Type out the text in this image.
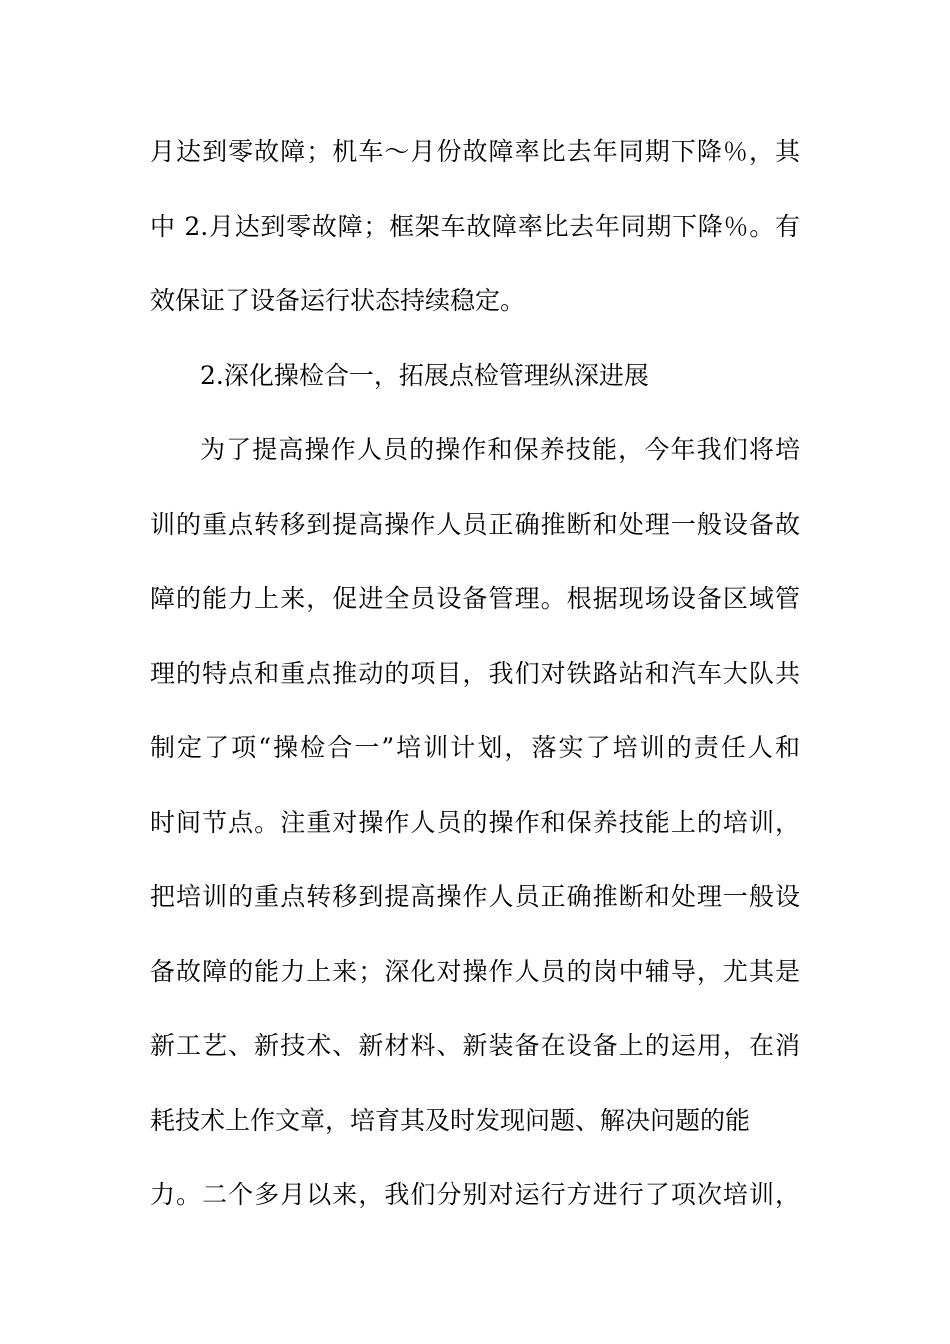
月达到零故障；机车～月份故障率比去年同期下降％，其
中 2.月达到零故障；框架车故障率比去年同期下降％。有
效保证了设备运行状态持续稳定。
2.深化操检合一，拓展点检管理纵深进展
为了提高操作人员的操作和保养技能，今年我们将培
训的重点转移到提高操作人员正确推断和处理一般设备故
障的能力上来，促进全员设备管理。根据现场设备区域管
理的特点和重点推动的项目，我们对铁路站和汽车大队共
制定了项“操检合一”培训计划，落实了培训的责任人和
时间节点。注重对操作人员的操作和保养技能上的培训，
把培训的重点转移到提高操作人员正确推断和处理一般设
备故障的能力上来；深化对操作人员的岗中辅导，尤其是
新工艺、新技术、新材料、新装备在设备上的运用，在消
耗技术上作文章，培育其及时发现问题、解决问题的能
力。二个多月以来，我们分别对运行方进行了项次培训，
